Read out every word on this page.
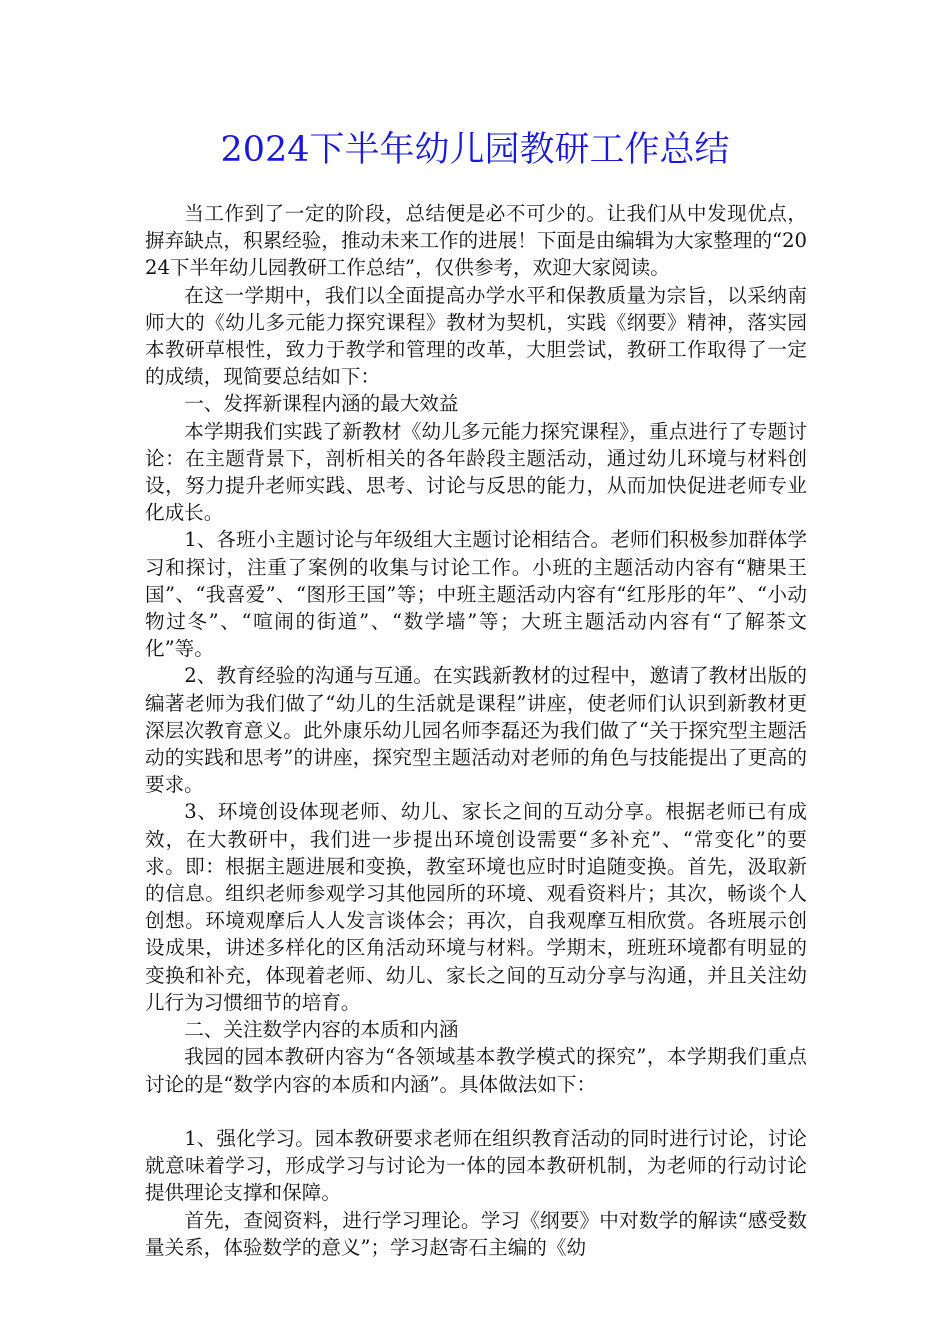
2024下半年幼儿园教研工作总结

当工作到了一定的阶段，总结便是必不可少的。让我们从中发现优点，摒弃缺点，积累经验，推动未来工作的进展！下面是由编辑为大家整理的“2024下半年幼儿园教研工作总结”，仅供参考，欢迎大家阅读。

在这一学期中，我们以全面提高办学水平和保教质量为宗旨，以采纳南师大的《幼儿多元能力探究课程》教材为契机，实践《纲要》精神，落实园本教研草根性，致力于教学和管理的改革，大胆尝试，教研工作取得了一定的成绩，现简要总结如下：

一、发挥新课程内涵的最大效益

本学期我们实践了新教材《幼儿多元能力探究课程》，重点进行了专题讨论：在主题背景下，剖析相关的各年龄段主题活动，通过幼儿环境与材料创设，努力提升老师实践、思考、讨论与反思的能力，从而加快促进老师专业化成长。

1、各班小主题讨论与年级组大主题讨论相结合。老师们积极参加群体学习和探讨，注重了案例的收集与讨论工作。小班的主题活动内容有“糖果王国”、“我喜爱”、“图形王国”等；中班主题活动内容有“红彤彤的年”、“小动物过冬”、“喧闹的街道”、“数学墙”等；大班主题活动内容有“了解茶文化”等。

2、教育经验的沟通与互通。在实践新教材的过程中，邀请了教材出版的编著老师为我们做了“幼儿的生活就是课程”讲座，使老师们认识到新教材更深层次教育意义。此外康乐幼儿园名师李磊还为我们做了“关于探究型主题活动的实践和思考”的讲座，探究型主题活动对老师的角色与技能提出了更高的要求。

3、环境创设体现老师、幼儿、家长之间的互动分享。根据老师已有成效，在大教研中，我们进一步提出环境创设需要“多补充”、“常变化”的要求。即：根据主题进展和变换，教室环境也应时时追随变换。首先，汲取新的信息。组织老师参观学习其他园所的环境、观看资料片；其次，畅谈个人创想。环境观摩后人人发言谈体会；再次，自我观摩互相欣赏。各班展示创设成果，讲述多样化的区角活动环境与材料。学期末，班班环境都有明显的变换和补充，体现着老师、幼儿、家长之间的互动分享与沟通，并且关注幼儿行为习惯细节的培育。

二、关注数学内容的本质和内涵

我园的园本教研内容为“各领域基本教学模式的探究”，本学期我们重点讨论的是“数学内容的本质和内涵”。具体做法如下：

1、强化学习。园本教研要求老师在组织教育活动的同时进行讨论，讨论就意味着学习，形成学习与讨论为一体的园本教研机制，为老师的行动讨论提供理论支撑和保障。

首先，查阅资料，进行学习理论。学习《纲要》中对数学的解读“感受数量关系，体验数学的意义”；学习赵寄石主编的《幼
